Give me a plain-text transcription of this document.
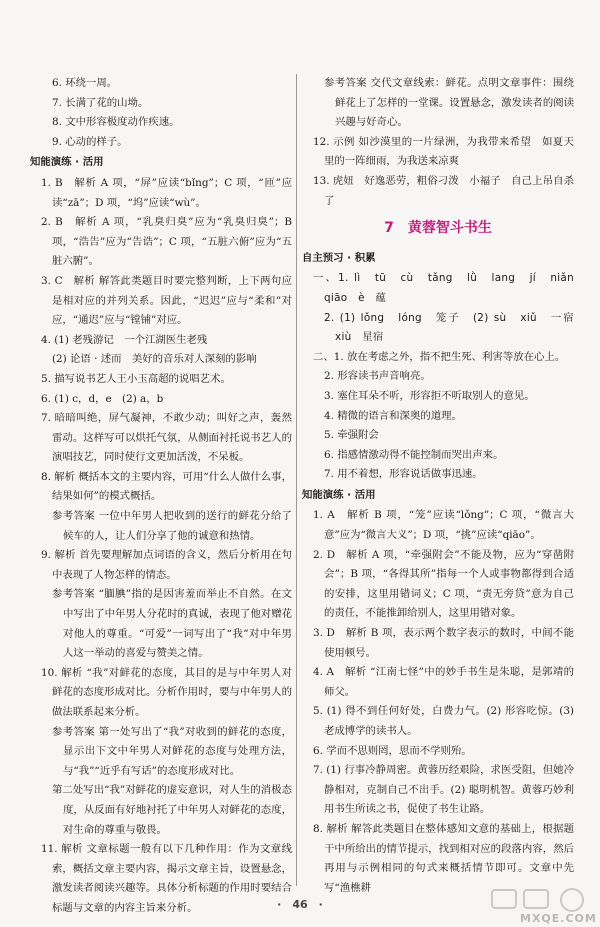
6. 环绕一周。

7. 长满了花的山坳。

8. 文中形容极度动作疾速。

9. 心动的样子。

知能演练 · 活用

1. B　解析 A 项，“屏”应读“bǐng”；C 项，“匝”应读“zā”；D 项，“坞”应读“wù”。

2. B　解析 A 项，“乳臭归臭”应为“乳臭归臭”；B 项，“浩告”应为“告诰”；C 项，“五脏六俯”应为“五脏六腑”。

3. C　解析 解答此类题目时要完整判断，上下两句应是相对应的并列关系。因此，“迟迟”应与“柔和”对应，“通迟”应与“镗铺”对应。

4. (1) 老残游记　一个江湖医生老残

(2) 论语 · 述而　美好的音乐对人深刻的影响

5. 描写说书艺人王小玉高超的说唱艺术。

6. (1) c，d，e　(2) a，b

7. 暗暗叫绝，屏气凝神，不敢少动；叫好之声，轰然雷动。这样写可以烘托气氛，从侧面衬托说书艺人的演唱技艺，同时使行文更加活泼，不呆板。

8. 解析 概括本文的主要内容，可用“什么人做什么事，结果如何”的模式概括。

参考答案 一位中年男人把收到的送行的鲜花分给了候车的人，让人们分享了他的诚意和热情。

9. 解析 首先要理解加点词语的含义，然后分析用在句中表现了人物怎样的情态。

参考答案 “腼腆”指的是因害羞而举止不自然。在文中写出了中年男人分花时的真诚，表现了他对赠花对他人的尊重。“可爱”一词写出了“我”对中年男人这一举动的喜爱与赞美之情。

10. 解析 “我”对鲜花的态度，其目的是与中年男人对鲜花的态度形成对比。分析作用时，要与中年男人的做法联系起来分析。

参考答案 第一处写出了“我”对收到的鲜花的态度，显示出下文中年男人对鲜花的态度与处理方法，与“我”“近乎有写话”的态度形成对比。

第二处写出“我”对鲜花的虚妄意识，对人生的消极态度，从反面有好地衬托了中年男人对鲜花的态度，对生命的尊重与敬畏。

11. 解析 文章标题一般有以下几种作用：作为文章线索，概括文章主要内容，揭示文章主旨，设置悬念，激发读者阅读兴趣等。具体分析标题的作用时要结合标题与文章的内容主旨来分析。

参考答案 交代文章线索：鲜花。点明文章事件：围绕鲜花上了怎样的一堂课。设置悬念，激发读者的阅读兴趣与好奇心。

12. 示例 如沙漠里的一片绿洲，为我带来希望　如夏天里的一阵细雨，为我送来凉爽

13. 虎妞　好逸恶劳，粗俗刁泼　小福子　自己上吊自杀了

7　黄蓉智斗书生

自主预习 · 积累

一、1. lì　tū　cù　tǎng　lǜ　lang　jí　niǎn　qiāo　è　蕴

2. (1) lǒng　lóng　笼子　(2) sù　xiǔ　一宿　xiù　星宿

二、1. 放在考虑之外，指不把生死、利害等放在心上。

2. 形容读书声音响亮。

3. 塞住耳朵不听，形容拒不听取别人的意见。

4. 精微的语言和深奥的道理。

5. 牵强附会

6. 指感情激动得不能控制而哭出声来。

7. 用不着想，形容说话做事迅速。

知能演练 · 活用

1. A　解析 B 项，“笼”应读“lǒng”；C 项，“微言大意”应为“微言大义”；D 项，“挑”应读“qiāo”。

2. D　解析 A 项，“牵强附会”不能及物，应为“穿凿附会”；B 项，“各得其所”指每一个人或事物都得到合适的安排，这里用错词义；C 项，“责无旁贷”意为自己的责任，不能推卸给别人，这里用错对象。

3. D　解析 B 项，表示两个数字表示的数时，中间不能使用顿号。

4. A　解析 “江南七怪”中的妙手书生是朱聪，是郭靖的师父。

5. (1) 得不到任何好处，白费力气。(2) 形容吃惊。(3) 老成博学的读书人。

6. 学而不思则罔，思而不学则殆。

7. (1) 行事冷静周密。黄蓉历经艰险，求医受阻，但她冷静相对，克制自己不出手。(2) 聪明机智。黄蓉巧妙利用书生所读之书，促使了书生让路。

8. 解析 解答此类题目在整体感知文意的基础上，根据题干中所给出的情节提示，找到相对应的段落内容，然后再用与示例相同的句式来概括情节即可。文章中先写“渔樵耕

·　46　·
MXQE.COM
